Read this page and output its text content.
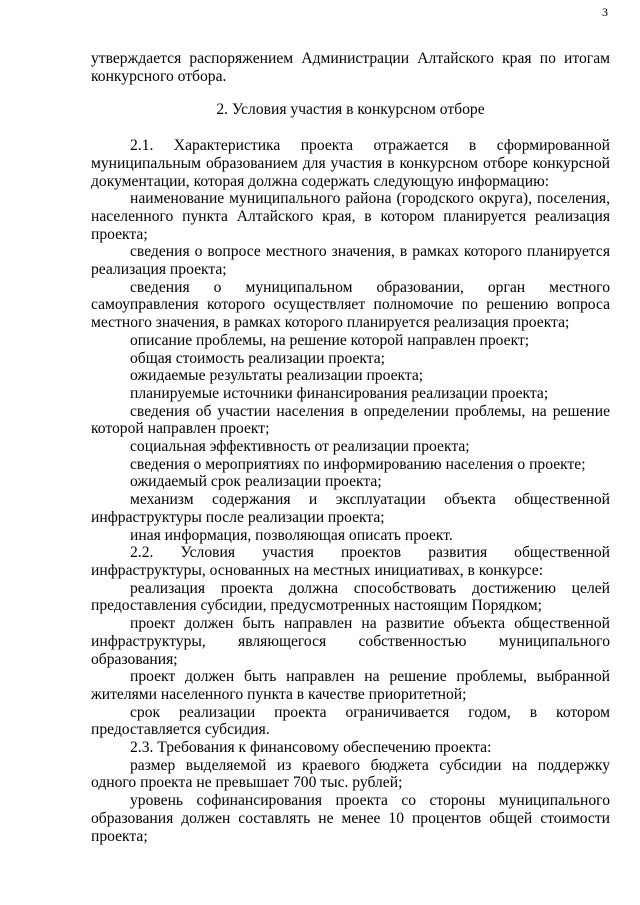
3

утверждается распоряжением Администрации Алтайского края по итогам конкурсного отбора.

2. Условия участия в конкурсном отборе

2.1. Характеристика проекта отражается в сформированной муниципальным образованием для участия в конкурсном отборе конкурсной документации, которая должна содержать следующую информацию:

наименование муниципального района (городского округа), поселения, населенного пункта Алтайского края, в котором планируется реализация проекта;

сведения о вопросе местного значения, в рамках которого планируется реализация проекта;

сведения о муниципальном образовании, орган местного самоуправления которого осуществляет полномочие по решению вопроса местного значения, в рамках которого планируется реализация проекта;

описание проблемы, на решение которой направлен проект;

общая стоимость реализации проекта;

ожидаемые результаты реализации проекта;

планируемые источники финансирования реализации проекта;

сведения об участии населения в определении проблемы, на решение которой направлен проект;

социальная эффективность от реализации проекта;

сведения о мероприятиях по информированию населения о проекте;

ожидаемый срок реализации проекта;

механизм содержания и эксплуатации объекта общественной инфраструктуры после реализации проекта;

иная информация, позволяющая описать проект.

2.2. Условия участия проектов развития общественной инфраструктуры, основанных на местных инициативах, в конкурсе:

реализация проекта должна способствовать достижению целей предоставления субсидии, предусмотренных настоящим Порядком;

проект должен быть направлен на развитие объекта общественной инфраструктуры, являющегося собственностью муниципального образования;

проект должен быть направлен на решение проблемы, выбранной жителями населенного пункта в качестве приоритетной;

срок реализации проекта ограничивается годом, в котором предоставляется субсидия.

2.3. Требования к финансовому обеспечению проекта:

размер выделяемой из краевого бюджета субсидии на поддержку одного проекта не превышает 700 тыс. рублей;

уровень софинансирования проекта со стороны муниципального образования должен составлять не менее 10 процентов общей стоимости проекта;
